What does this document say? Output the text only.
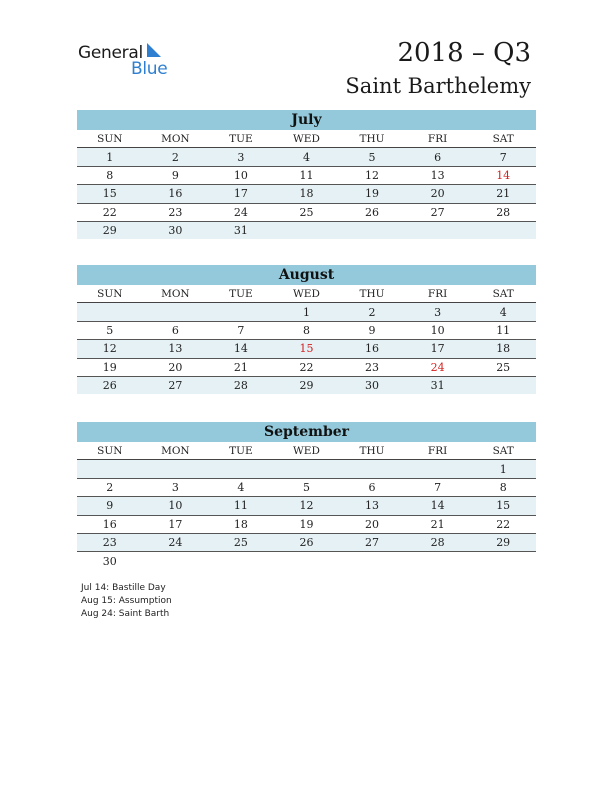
General
Blue
2018 – Q3
Saint Barthelemy
July
SUN	MON	TUE	WED	THU	FRI	SAT
1	2	3	4	5	6	7
8	9	10	11	12	13	14
15	16	17	18	19	20	21
22	23	24	25	26	27	28
29	30	31				
August
SUN	MON	TUE	WED	THU	FRI	SAT
			1	2	3	4
5	6	7	8	9	10	11
12	13	14	15	16	17	18
19	20	21	22	23	24	25
26	27	28	29	30	31	
September
SUN	MON	TUE	WED	THU	FRI	SAT
						1
2	3	4	5	6	7	8
9	10	11	12	13	14	15
16	17	18	19	20	21	22
23	24	25	26	27	28	29
30						
Jul 14: Bastille Day
Aug 15: Assumption
Aug 24: Saint Barth
